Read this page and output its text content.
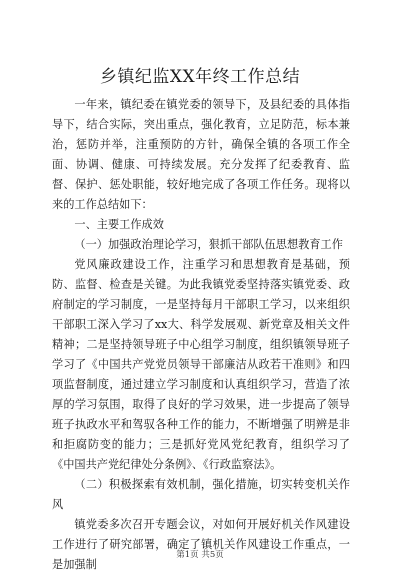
乡镇纪监XX年终工作总结

一年来，镇纪委在镇党委的领导下，及县纪委的具体指导下，结合实际，突出重点，强化教育，立足防范，标本兼治，惩防并举，注重预防的方针，确保全镇的各项工作全面、协调、健康、可持续发展。充分发挥了纪委教育、监督、保护、惩处职能，较好地完成了各项工作任务。现将以来的工作总结如下：

一、主要工作成效

（一）加强政治理论学习，狠抓干部队伍思想教育工作

党风廉政建设工作，注重学习和思想教育是基础，预防、监督、检查是关键。为此我镇党委坚持落实镇党委、政府制定的学习制度，一是坚持每月干部职工学习，以来组织干部职工深入学习了xx大、科学发展观、新党章及相关文件精神；二是坚持领导班子中心组学习制度，组织镇领导班子学习了《中国共产党党员领导干部廉洁从政若干准则》和四项监督制度，通过建立学习制度和认真组织学习，营造了浓厚的学习氛围，取得了良好的学习效果，进一步提高了领导班子执政水平和驾驭各种工作的能力，不断增强了明辨是非和拒腐防变的能力；三是抓好党风党纪教育，组织学习了《中国共产党纪律处分条例》、《行政监察法》。

（二）积极探索有效机制，强化措施，切实转变机关作风

镇党委多次召开专题会议，对如何开展好机关作风建设工作进行了研究部署，确定了镇机关作风建设工作重点，一是加强制

第1页 共5页
